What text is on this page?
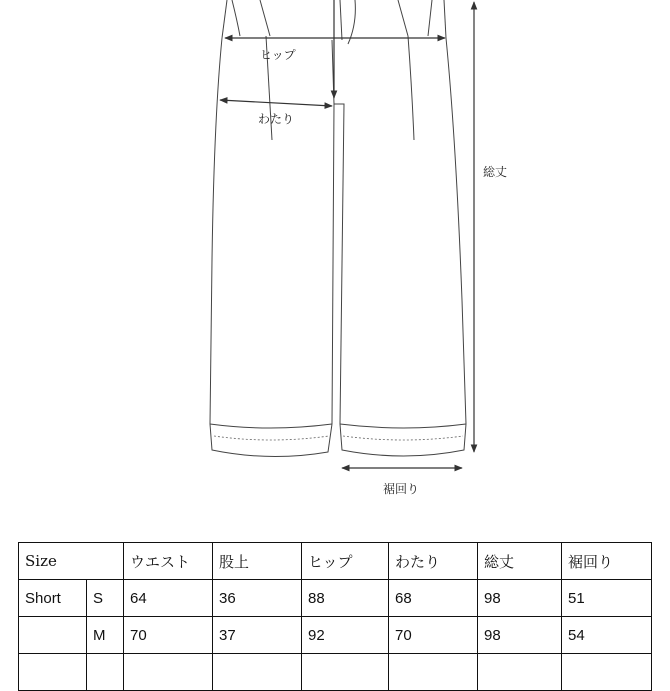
ヒップ
わたり
総丈
裾回り
Size		ウエスト	股上	ヒップ	わたり	総丈	裾回り
Short	S	64	36	88	68	98	51
	M	70	37	92	70	98	54
